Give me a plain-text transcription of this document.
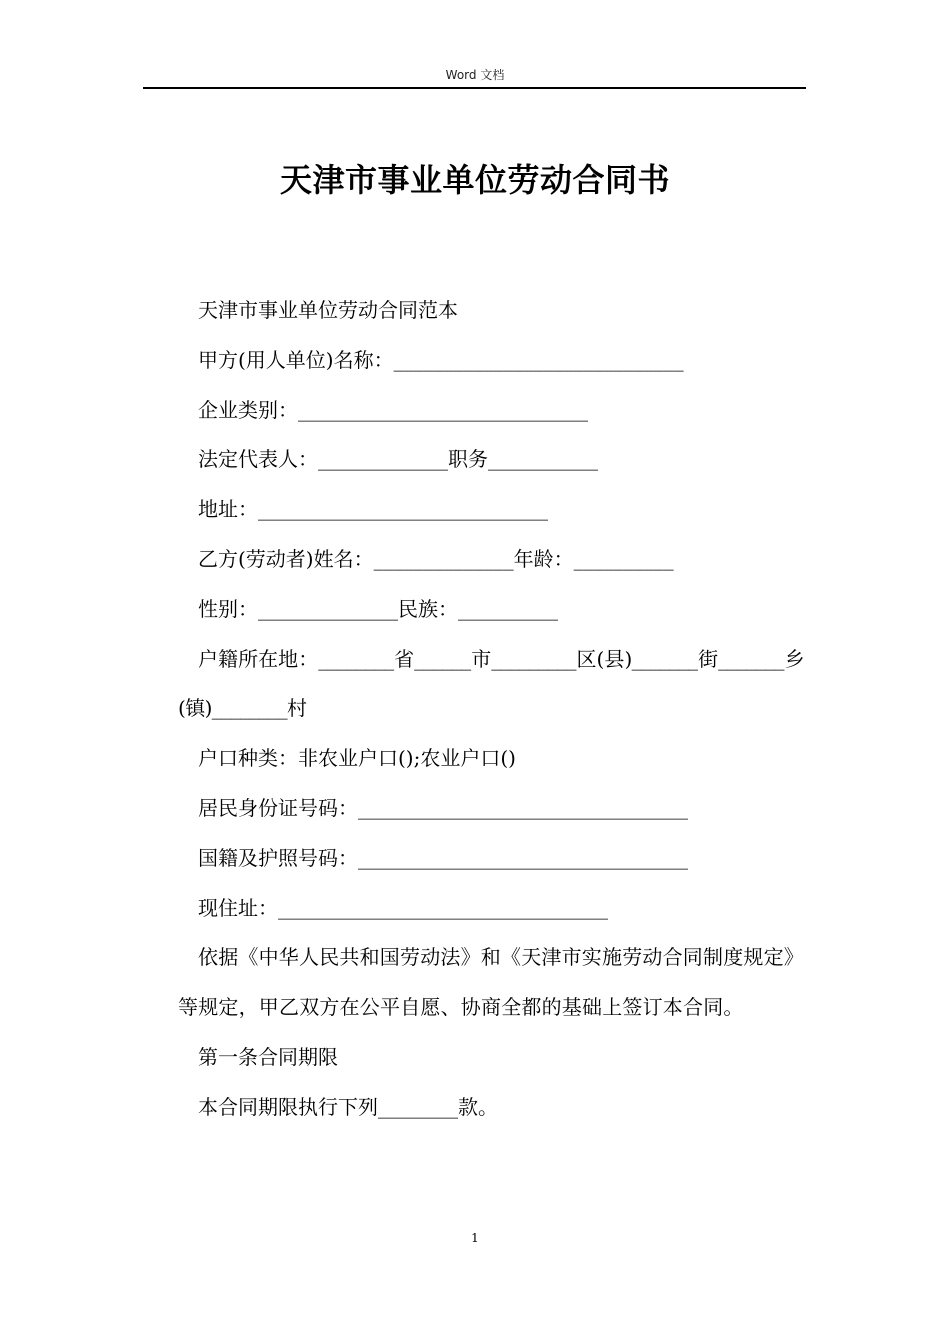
Word 文档
天津市事业单位劳动合同书

天津市事业单位劳动合同范本

甲方(用人单位)名称：_____________________________

企业类别：_____________________________

法定代表人：_____________职务___________

地址：_____________________________

乙方(劳动者)姓名：______________年龄：__________

性别：______________民族：__________

户籍所在地：________省______市_________区(县)_______街_______乡(镇)________村

户口种类：非农业户口();农业户口()

居民身份证号码：_________________________________

国籍及护照号码：_________________________________

现住址：_________________________________

依据《中华人民共和国劳动法》和《天津市实施劳动合同制度规定》等规定，甲乙双方在公平自愿、协商全都的基础上签订本合同。

第一条合同期限

本合同期限执行下列________款。

1
